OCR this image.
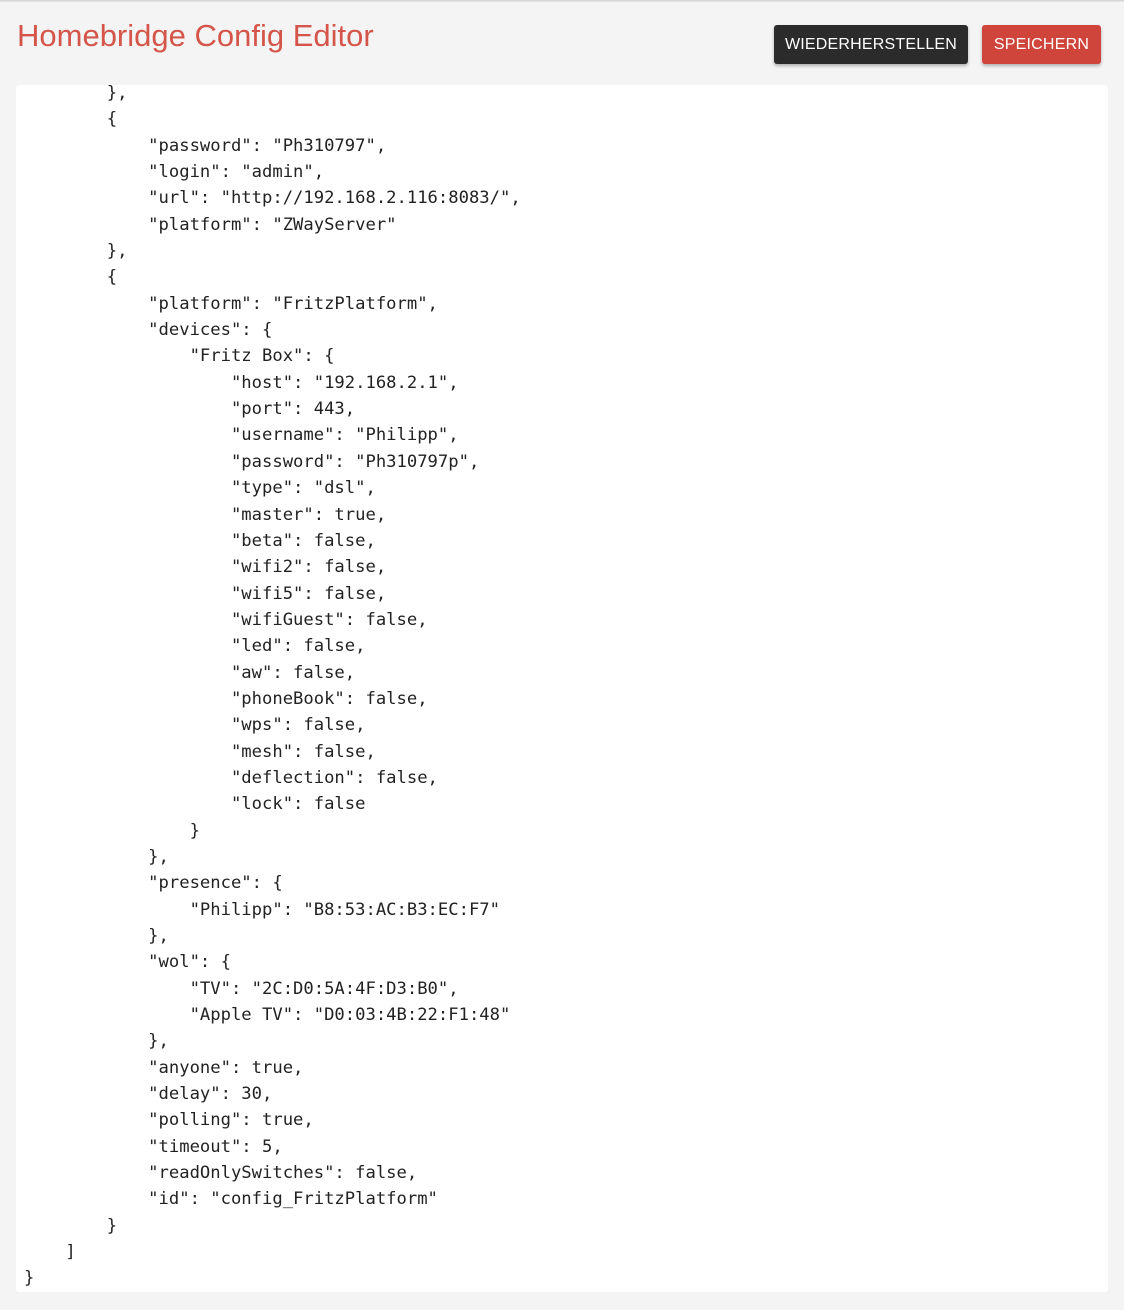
Homebridge Config Editor	WIEDERHERSTELLEN	SPEICHERN
},
{
"password": "Ph310797",
"login": "admin",
"url": "http://192.168.2.116:8083/",
"platform": "ZWayServer"
},
{
"platform": "FritzPlatform",
"devices": {
"Fritz Box": {
"host": "192.168.2.1",
"port": 443,
"username": "Philipp",
"password": "Ph310797p",
"type": "dsl",
"master": true,
"beta": false,
"wifi2": false,
"wifi5": false,
"wifiGuest": false,
"led": false,
"aw": false,
"phoneBook": false,
"wps": false,
"mesh": false,
"deflection": false,
"lock": false
}
},
"presence": {
"Philipp": "B8:53:AC:B3:EC:F7"
},
"wol": {
"TV": "2C:D0:5A:4F:D3:B0",
"Apple TV": "D0:03:4B:22:F1:48"
},
"anyone": true,
"delay": 30,
"polling": true,
"timeout": 5,
"readOnlySwitches": false,
"id": "config_FritzPlatform"
}
]
}
